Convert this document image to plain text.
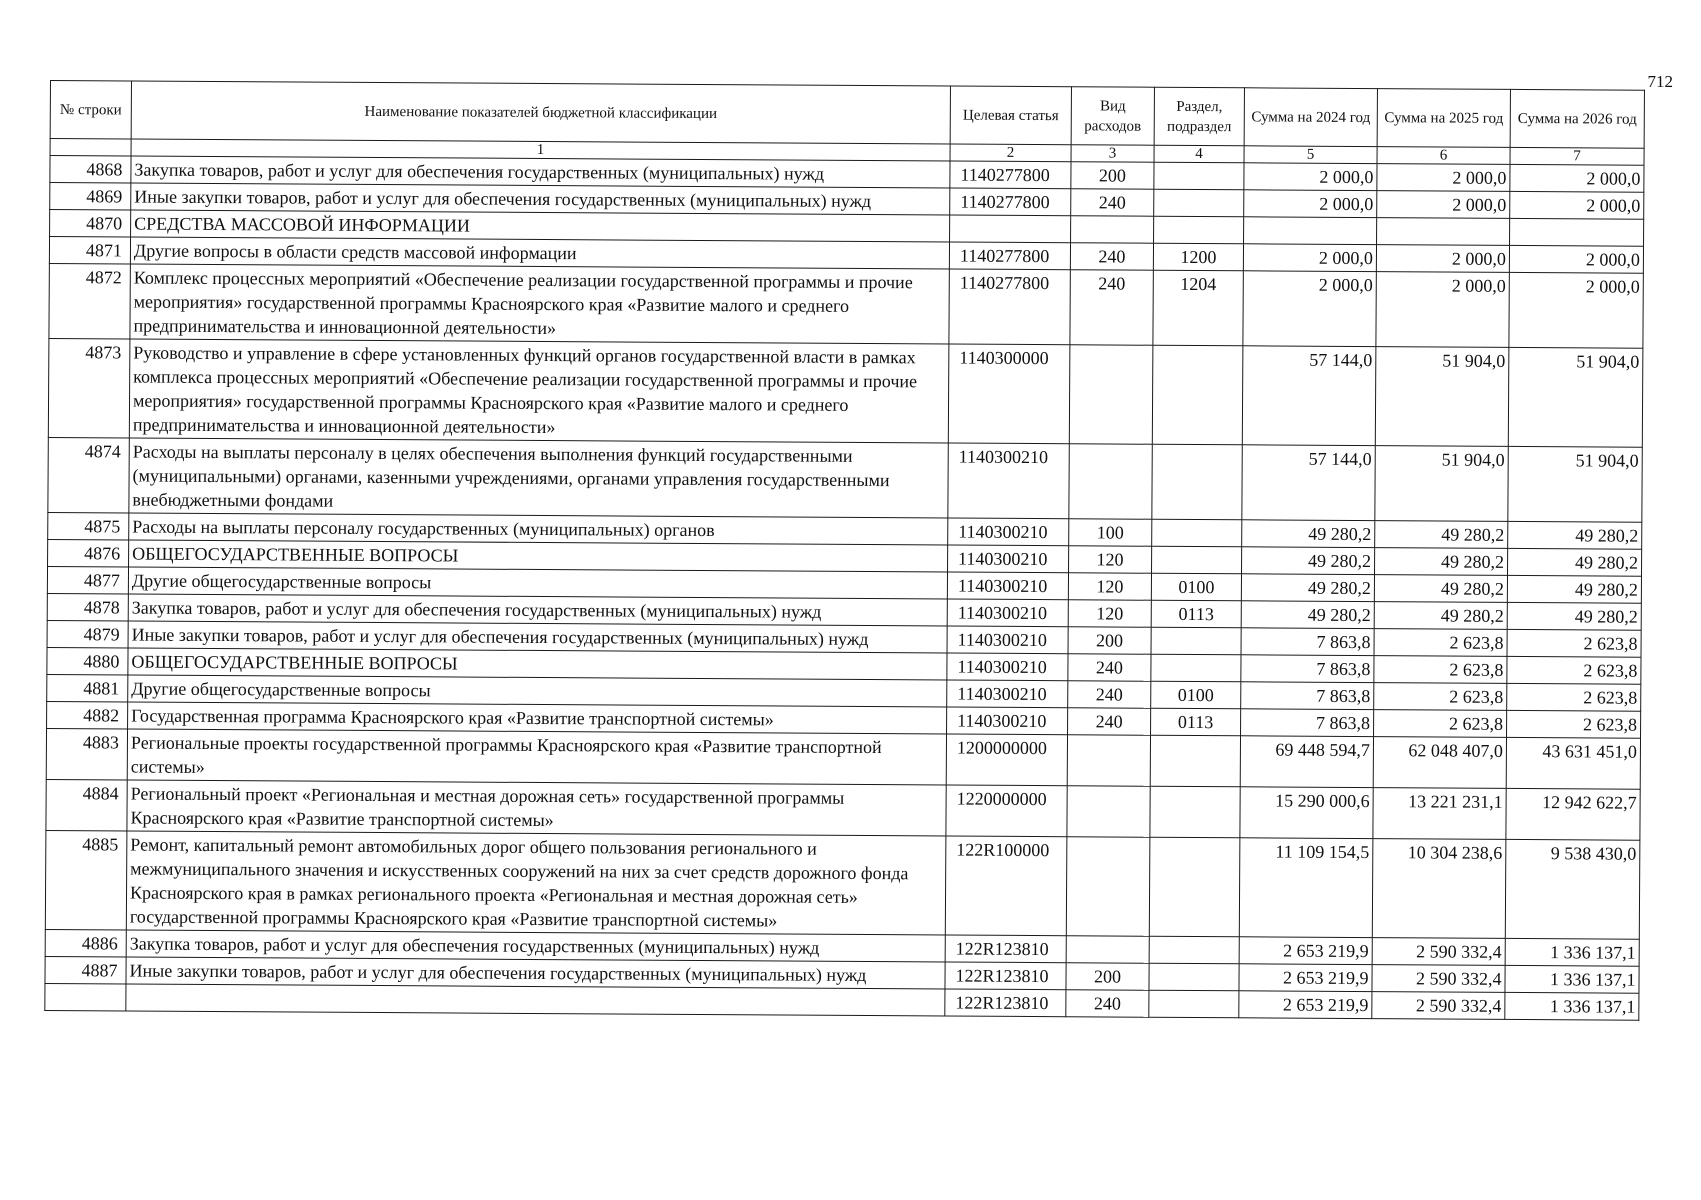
712
№ строки	Наименование показателей бюджетной классификации	Целевая статья	Вид расходов	Раздел, подраздел	Сумма на 2024 год	Сумма на 2025 год	Сумма на 2026 год
	1	2	3	4	5	6	7
4868	Закупка товаров, работ и услуг для обеспечения государственных (муниципальных) нужд	1140277800	200		2 000,0	2 000,0	2 000,0
4869	Иные закупки товаров, работ и услуг для обеспечения государственных (муниципальных) нужд	1140277800	240		2 000,0	2 000,0	2 000,0
4870	СРЕДСТВА МАССОВОЙ ИНФОРМАЦИИ						
4871	Другие вопросы в области средств массовой информации	1140277800	240	1200	2 000,0	2 000,0	2 000,0
4872	Комплекс процессных мероприятий «Обеспечение реализации государственной программы и прочие мероприятия» государственной программы Красноярского края «Развитие малого и среднего предпринимательства и инновационной деятельности»	1140277800	240	1204	2 000,0	2 000,0	2 000,0
4873	Руководство и управление в сфере установленных функций органов государственной власти в рамках комплекса процессных мероприятий «Обеспечение реализации государственной программы и прочие мероприятия» государственной программы Красноярского края «Развитие малого и среднего предпринимательства и инновационной деятельности»	1140300000			57 144,0	51 904,0	51 904,0
4874	Расходы на выплаты персоналу в целях обеспечения выполнения функций государственными (муниципальными) органами, казенными учреждениями, органами управления государственными внебюджетными фондами	1140300210			57 144,0	51 904,0	51 904,0
4875	Расходы на выплаты персоналу государственных (муниципальных) органов	1140300210	100		49 280,2	49 280,2	49 280,2
4876	ОБЩЕГОСУДАРСТВЕННЫЕ ВОПРОСЫ	1140300210	120		49 280,2	49 280,2	49 280,2
4877	Другие общегосударственные вопросы	1140300210	120	0100	49 280,2	49 280,2	49 280,2
4878	Закупка товаров, работ и услуг для обеспечения государственных (муниципальных) нужд	1140300210	120	0113	49 280,2	49 280,2	49 280,2
4879	Иные закупки товаров, работ и услуг для обеспечения государственных (муниципальных) нужд	1140300210	200		7 863,8	2 623,8	2 623,8
4880	ОБЩЕГОСУДАРСТВЕННЫЕ ВОПРОСЫ	1140300210	240		7 863,8	2 623,8	2 623,8
4881	Другие общегосударственные вопросы	1140300210	240	0100	7 863,8	2 623,8	2 623,8
4882	Государственная программа Красноярского края «Развитие транспортной системы»	1140300210	240	0113	7 863,8	2 623,8	2 623,8
4883	Региональные проекты государственной программы Красноярского края «Развитие транспортной системы»	1200000000			69 448 594,7	62 048 407,0	43 631 451,0
4884	Региональный проект «Региональная и местная дорожная сеть» государственной программы Красноярского края «Развитие транспортной системы»	1220000000			15 290 000,6	13 221 231,1	12 942 622,7
4885	Ремонт, капитальный ремонт автомобильных дорог общего пользования регионального и межмуниципального значения и искусственных сооружений на них за счет средств дорожного фонда Красноярского края в рамках регионального проекта «Региональная и местная дорожная сеть» государственной программы Красноярского края «Развитие транспортной системы»	122R100000			11 109 154,5	10 304 238,6	9 538 430,0
4886	Закупка товаров, работ и услуг для обеспечения государственных (муниципальных) нужд	122R123810			2 653 219,9	2 590 332,4	1 336 137,1
4887	Иные закупки товаров, работ и услуг для обеспечения государственных (муниципальных) нужд	122R123810	200		2 653 219,9	2 590 332,4	1 336 137,1
		122R123810	240		2 653 219,9	2 590 332,4	1 336 137,1
